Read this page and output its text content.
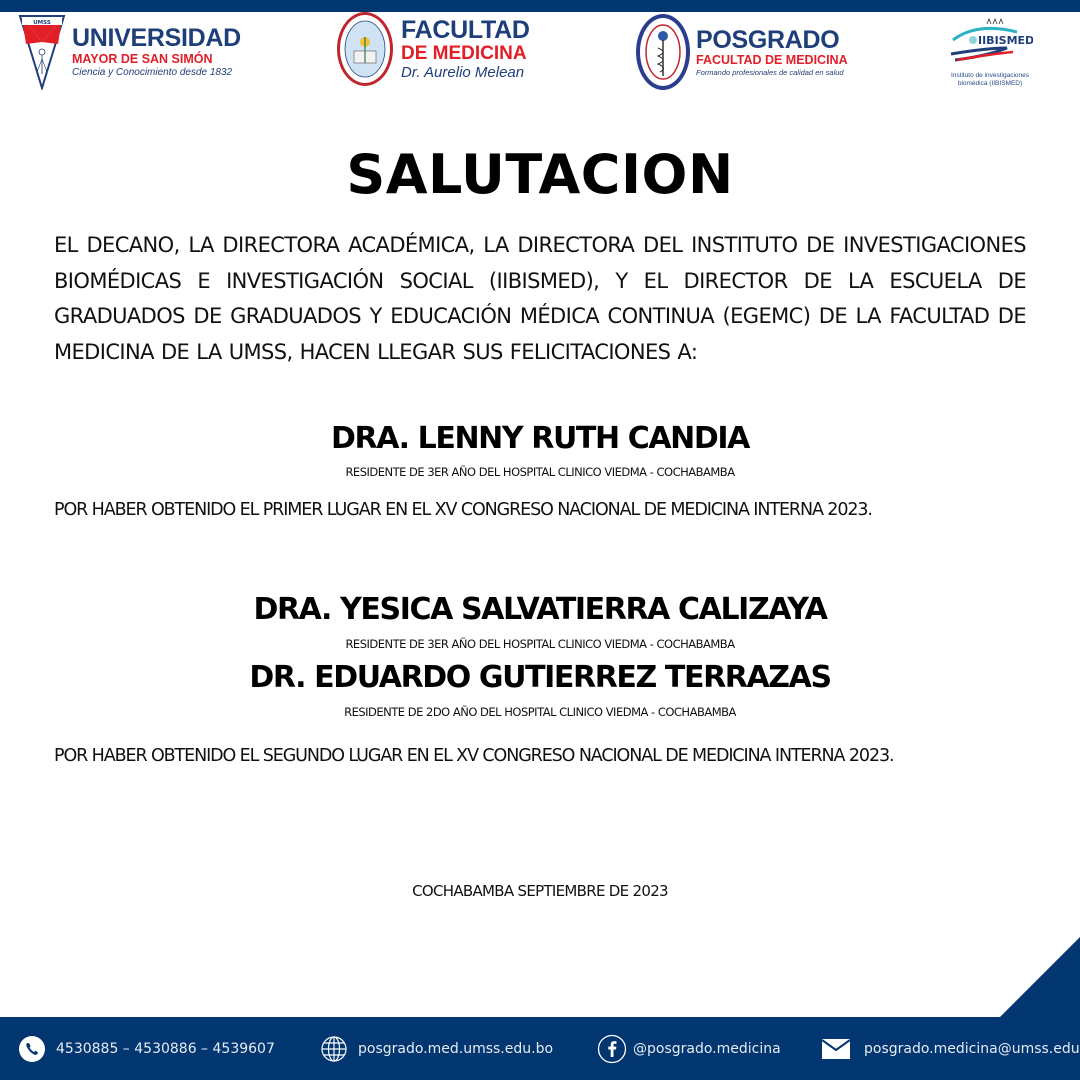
UMSS
UNIVERSIDAD
MAYOR DE SAN SIMÓN
Ciencia y Conocimiento desde 1832
FACULTAD
DE MEDICINA
Dr. Aurelio Melean
POSGRADO
FACULTAD DE MEDICINA
Formando profesionales de calidad en salud
IIBISMED
Instituto de investigaciones
biomédica (IIBISMED)
SALUTACION
EL DECANO, LA DIRECTORA ACADÉMICA, LA DIRECTORA DEL INSTITUTO DE INVESTIGACIONES BIOMÉDICAS E INVESTIGACIÓN SOCIAL (IIBISMED), Y EL DIRECTOR DE LA ESCUELA DE GRADUADOS DE GRADUADOS Y EDUCACIÓN MÉDICA CONTINUA (EGEMC) DE LA FACULTAD DE MEDICINA DE LA UMSS, HACEN LLEGAR SUS FELICITACIONES A:
DRA. LENNY RUTH CANDIA
RESIDENTE DE 3ER AÑO DEL HOSPITAL CLINICO VIEDMA - COCHABAMBA
POR HABER OBTENIDO EL PRIMER LUGAR EN EL XV CONGRESO NACIONAL DE MEDICINA INTERNA 2023.
DRA. YESICA SALVATIERRA CALIZAYA
RESIDENTE DE 3ER AÑO DEL HOSPITAL CLINICO VIEDMA - COCHABAMBA
DR. EDUARDO GUTIERREZ TERRAZAS
RESIDENTE DE 2DO AÑO DEL HOSPITAL CLINICO VIEDMA - COCHABAMBA
POR HABER OBTENIDO EL SEGUNDO LUGAR EN EL XV CONGRESO NACIONAL DE MEDICINA INTERNA 2023.
COCHABAMBA SEPTIEMBRE DE 2023
4530885 – 4530886 – 4539607	posgrado.med.umss.edu.bo	@posgrado.medicina	posgrado.medicina@umss.edu
